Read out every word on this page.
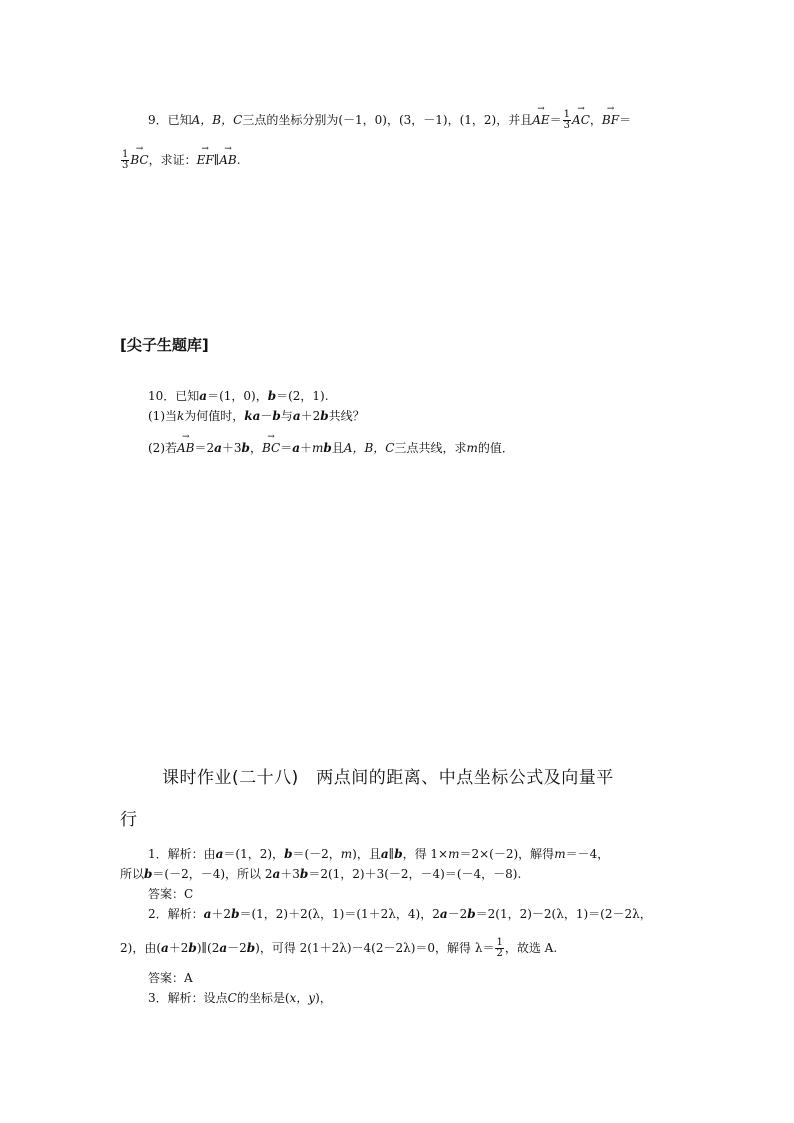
9．已知A，B，C三点的坐标分别为(－1，0)，(3，－1)，(1，2)，并且→ $AE= \frac{1}{3}$ → AC，→ BF＝
$\frac{1}{3}$ → BC，求证：→ EF∥→ AB.
[尖子生题库]
10．已知a＝(1，0)，b＝(2，1).
(1)当k为何值时，ka－b与a＋2b共线？
(2)若→ AB＝2a＋3b，→ BC＝a＋mb且A，B，C三点共线，求m的值．
课时作业(二十八)　两点间的距离、中点坐标公式及向量平
行
1．解析：由a＝(1，2)，b＝(－2，m)，且a∥b，得 1×m＝2×(－2)，解得m＝－4，
所以b＝(－2，－4)，所以 2a＋3b＝2(1，2)＋3(－2，－4)＝(－4，－8).
答案：C
2．解析：a＋2b＝(1，2)＋2(λ，1)＝(1＋2λ，4)，2a－2b＝2(1，2)－2(λ，1)＝(2－2λ，
2)，由(a＋2b)∥(2a－2b)，可得 2(1＋2λ)－4(2－2λ)＝0，解得 $\lambda= \frac{1}{2}$ ，故选 A.
答案：A
3．解析：设点C的坐标是(x，y)，
